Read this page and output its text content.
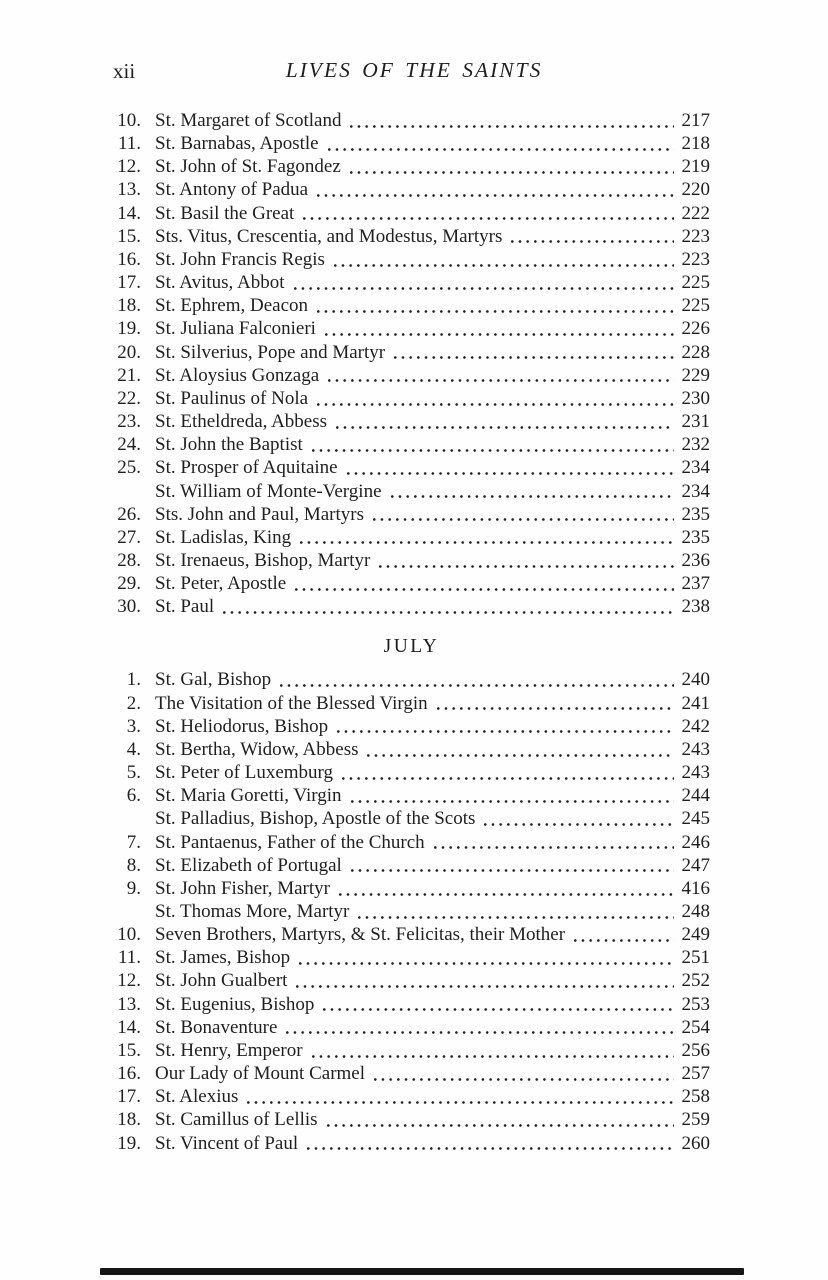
xii	LIVES OF THE SAINTS
10. St. Margaret of Scotland	217
11. St. Barnabas, Apostle	218
12. St. John of St. Fagondez	219
13. St. Antony of Padua	220
14. St. Basil the Great	222
15. Sts. Vitus, Crescentia, and Modestus, Martyrs	223
16. St. John Francis Regis	223
17. St. Avitus, Abbot	225
18. St. Ephrem, Deacon	225
19. St. Juliana Falconieri	226
20. St. Silverius, Pope and Martyr	228
21. St. Aloysius Gonzaga	229
22. St. Paulinus of Nola	230
23. St. Etheldreda, Abbess	231
24. St. John the Baptist	232
25. St. Prosper of Aquitaine	234
St. William of Monte-Vergine	234
26. Sts. John and Paul, Martyrs	235
27. St. Ladislas, King	235
28. St. Irenaeus, Bishop, Martyr	236
29. St. Peter, Apostle	237
30. St. Paul	238
JULY
1. St. Gal, Bishop	240
2. The Visitation of the Blessed Virgin	241
3. St. Heliodorus, Bishop	242
4. St. Bertha, Widow, Abbess	243
5. St. Peter of Luxemburg	243
6. St. Maria Goretti, Virgin	244
St. Palladius, Bishop, Apostle of the Scots	245
7. St. Pantaenus, Father of the Church	246
8. St. Elizabeth of Portugal	247
9. St. John Fisher, Martyr	416
St. Thomas More, Martyr	248
10. Seven Brothers, Martyrs, & St. Felicitas, their Mother	249
11. St. James, Bishop	251
12. St. John Gualbert	252
13. St. Eugenius, Bishop	253
14. St. Bonaventure	254
15. St. Henry, Emperor	256
16. Our Lady of Mount Carmel	257
17. St. Alexius	258
18. St. Camillus of Lellis	259
19. St. Vincent of Paul	260
